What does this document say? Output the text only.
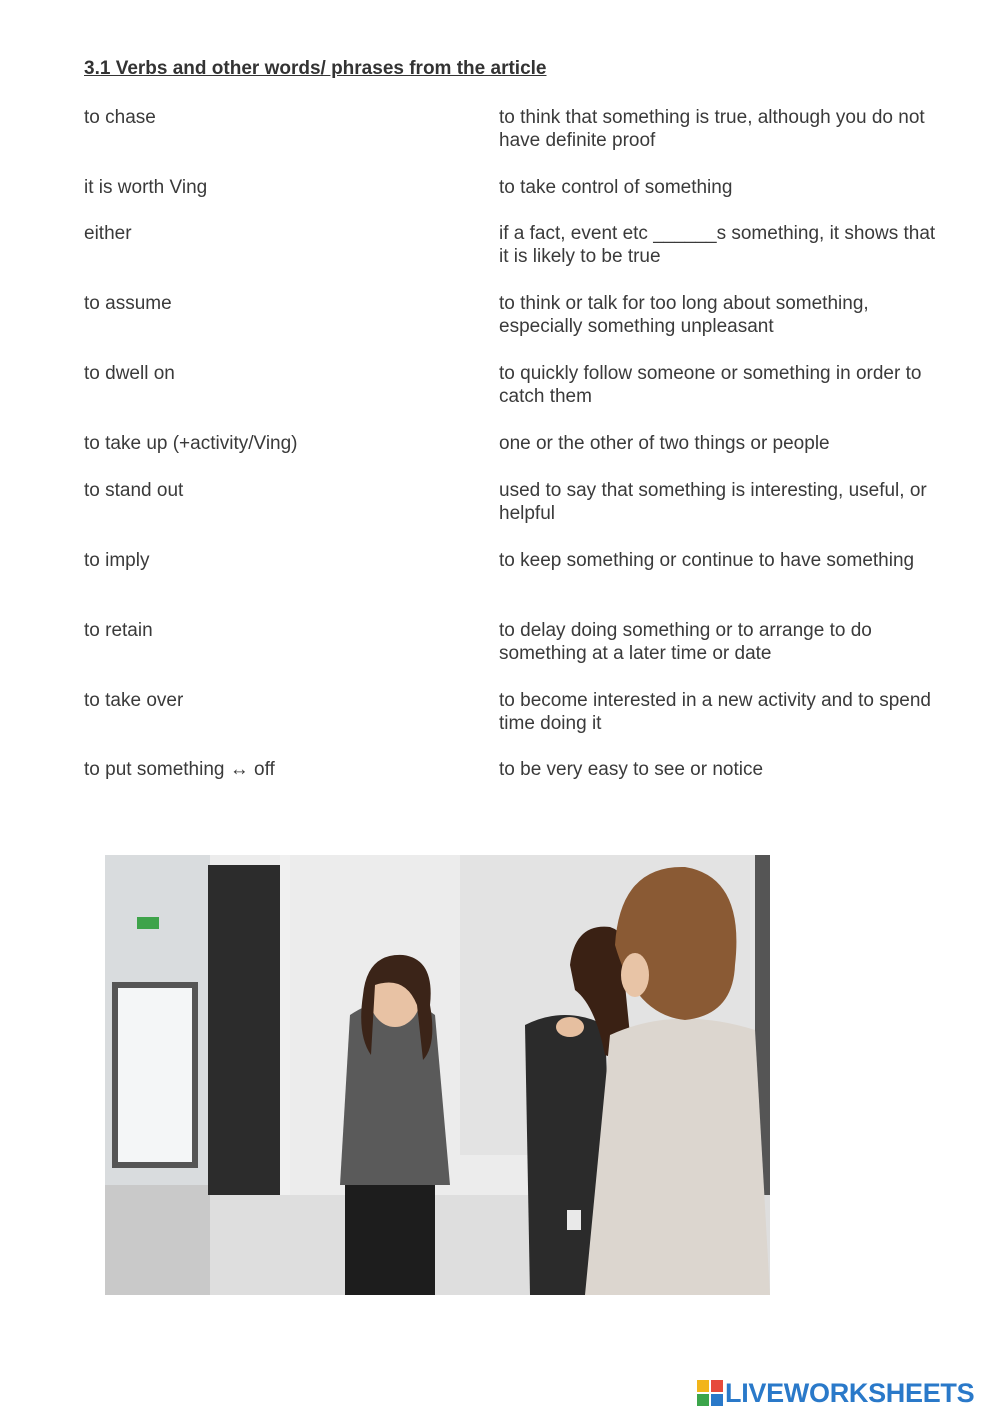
3.1 Verbs and other words/ phrases from the article
to chase	to think that something is true, although you do not have definite proof
it is worth Ving	to take control of something
either	if a fact, event etc ______s something, it shows that it is likely to be true
to assume	to think or talk for too long about something, especially something unpleasant
to dwell on	to quickly follow someone or something in order to catch them
to take up (+activity/Ving)	one or the other of two things or people
to stand out	used to say that something is interesting, useful, or helpful
to imply	to keep something or continue to have something
to retain	to delay doing something or to arrange to do something at a later time or date
to take over	to become interested in a new activity and to spend time doing it
to put something ↔ off	to be very easy to see or notice
LIVEWORKSHEETS
